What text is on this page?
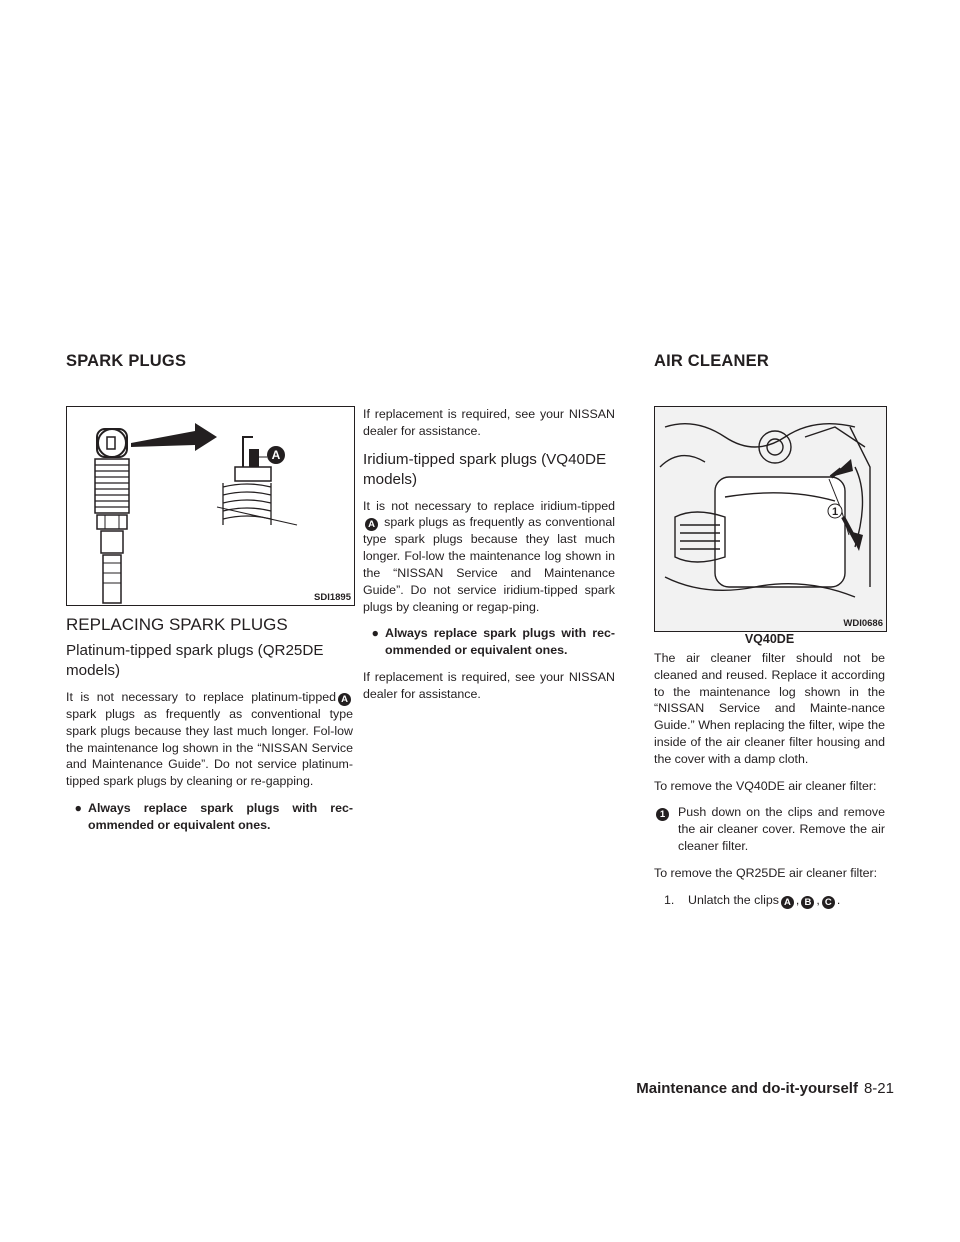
SPARK PLUGS	AIR CLEANER
A
SDI1895
1
WDI0686
VQ40DE
REPLACING SPARK PLUGS
Platinum-tipped spark plugs (QR25DE models)

It is not necessary to replace platinum-tipped A spark plugs as frequently as conventional type spark plugs because they last much longer. Fol-low the maintenance log shown in the “NISSAN Service and Maintenance Guide”. Do not service platinum-tipped spark plugs by cleaning or re-gapping.

● Always replace spark plugs with rec-ommended or equivalent ones.

If replacement is required, see your NISSAN dealer for assistance.

Iridium-tipped spark plugs (VQ40DE models)

It is not necessary to replace iridium-tippedA spark plugs as frequently as conventional type spark plugs because they last much longer. Fol-low the maintenance log shown in the “NISSAN Service and Maintenance Guide”. Do not service iridium-tipped spark plugs by cleaning or regap-ping.

● Always replace spark plugs with rec-ommended or equivalent ones.

If replacement is required, see your NISSAN dealer for assistance.

The air cleaner filter should not be cleaned and reused. Replace it according to the maintenance log shown in the “NISSAN Service and Mainte-nance Guide.” When replacing the filter, wipe the inside of the air cleaner filter housing and the cover with a damp cloth.

To remove the VQ40DE air cleaner filter:

1	Push down on the clips and remove the air cleaner cover. Remove the air cleaner filter.

To remove the QR25DE air cleaner filter:

1.	Unlatch the clips A , B , C .
Maintenance and do-it-yourself 8-21
